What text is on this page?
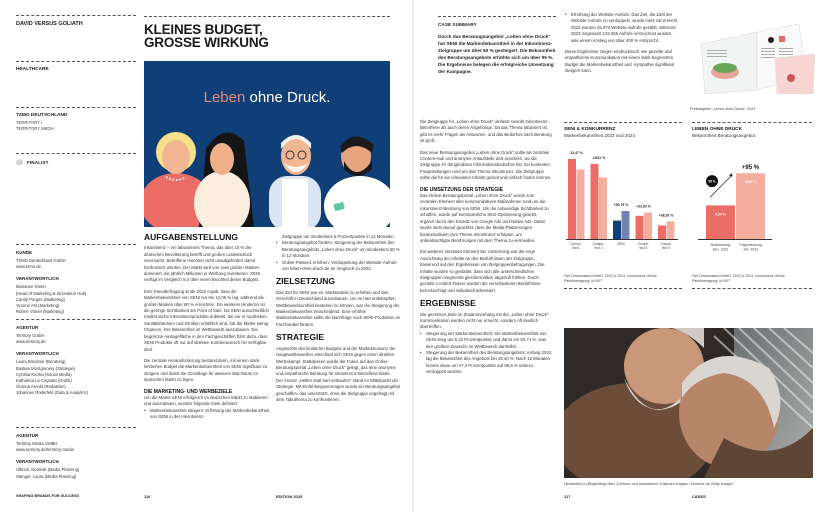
DAVID VERSUS GOLIATH
HEALTHCARE
TZMO DEUTSCHLAND
TERRITORY /
TERRITORY MEDIA
FINALIST
KUNDE
TZMO Deutschland GmbH
www.tzmo.de
VERANTWORTLICH
Marianne Ginter
(Head of Marketing & Innovation Hub)
Candy Porges (Marketing)
Yvonne Ast (Marketing)
Robert Vömel (Marketing)
AGENTUR
Territory GmbH
www.territory.de
VERANTWORTLICH
Laura Brückner (Beratung)
Bastian Montgomery (Strategie)
Cynthia Kiczka (Social Media)
Katharina La Cognata (Grafik)
Oranna Arnold (Redaktion)
Johannes Roderfeld (Data & Analytics)
AGENTUR
Territory Media GMBH
www.territory.de/territory-media
VERANTWORTLICH
Ulbrich, Dominik (Media Planning)
Stenger, Laura (Media Planning)
KLEINES BUDGET,
GROSSE WIRKUNG
Leben ohne Druck.
AUFGABENSTELLUNG

Inkontinenz – ein tabuisiertes Thema, das über 10 % der deutschen Bevölkerung betrifft und großen Leidensdruck verursacht. Betroffene möchten nicht unaufgefordert damit konfrontiert werden. Der Markt wird von zwei großen Marken dominiert, die jährlich Millionen in Werbung investieren. SENI verfügt im Vergleich nur über einen Bruchteil dieser Budgets.

Eine Panelbefragung Ende 2022 ergab, dass die Markenbekanntheit von SENI nur bei 12,06 % lag, während die großen Marken über 80 % erreichten. Ein weiteres Hindernis ist die geringe Sichtbarkeit am Point of Sale. Da SENI ausschließlich medizinische Inkontinenzprodukte anbietet, die nur in Apotheken, Sanitätshäusern und Kliniken erhältlich sind, hat die Marke wenig Chancen, ihre Bekanntheit im Wettbewerb auszubauen. Die begrenzte Auslagefläche in den Fachgeschäften führt dazu, dass SENI Produkte oft nur auf direkten Kundenwunsch hin verfügbar sind.

Die zentrale Herausforderung bestand darin, mit einem stark limitierten Budget die Markenbekanntheit von SENI signifikant zu steigern und damit die Grundlage für weiteres Wachstum im deutschen Markt zu legen.

DIE MARKETING- UND WERBEZIELE

Um die Marke SENI erfolgreich im deutschen Markt zu etablieren und auszubauen, wurden folgende Ziele definiert:

• Markenbekanntheit steigern: Erhöhung der Markenbekanntheit von SENI in der Inkontinenz-

Zielgruppe um mindestens 5 Prozentpunkte in 12 Monaten.

• Beratungsangebot fördern: Steigerung der Bekanntheit des Beratungsangebots „Leben ohne Druck“ um mindestens 50 % in 12 Monaten.
• Online-Präsenz erhöhen: Verdoppelung der Website-Aufrufe von leben-ohne-druck.de im Vergleich zu 2022.
ZIELSETZUNG

Das Ziel für SENI war es, Marktanteile zu erhöhen und das Geschäft in Deutschland auszubauen. Um im hart umkämpften Wettbewerbsumfeld bestehen zu können, war die Steigerung der Markenbekanntheit entscheidend. Eine erhöhte Markenbekanntheit sollte die Nachfrage nach SENI-Produkten im Fachhandel fördern.

STRATEGIE

Angesichts des limitierten Budgets und der Marktdominanz der Hauptwettbewerber entschied sich SENI gegen einen direkten Werbekampf. Stattdessen wurde der Fokus auf das Online-Beratungsportal „Leben ohne Druck“ gelegt, das eine anonyme und empathische Beratung für Inkontinenz-Betroffene bietet.

Der Ansatz „Helfen statt hart verkaufen“ stand im Mittelpunkt der Strategie. Mit Einfühlungsvermögen wurde ein Beratungsangebot geschaffen, das unterstützt, ohne die Zielgruppe ungefragt mit dem Tabuthema zu konfrontieren.

SHAPING BRANDS FOR SUCCESS	116	EDITION 2025
CASE SUMMARY
Durch das Beratungsangebot „Leben ohne Druck“ hat SENI die Markenbekanntheit in der Inkontinenz-Zielgruppe um über 50 % gesteigert. Die Bekanntheit des Beratungsangebots erhöhte sich um über 95 %. Die Ergebnisse belegen die erfolgreiche Umsetzung der Kampagne.
• Erhöhung der Website-Aufrufe: Das Ziel, die Zahl der Website-Aufrufe zu verdoppeln, wurde mehr als erreicht. 2022 wurden 25.973 Website-aufrufe gezählt, während 2023 insgesamt 133.065 Aufrufe verzeichnet wurden, was einem Anstieg von über 400 % entspricht.

Diese Ergebnisse zeigen eindrucksvoll, wie gezielte und empathische Kommunikation mit einem stark begrenzten Budget die Markenbekanntheit und -sympathie signifikant steigern kann.

Printratgeber „Leben ohne Druck“, 2024

Die Zielgruppe für „Leben ohne Druck“ umfasst sowohl Inkontinenz-Betroffene als auch deren Angehörige. Da das Thema tabuisiert ist, gibt es mehr Fragen als Antworten, und das Bedürfnis nach Beratung ist groß.

Das neue Beratungsangebot „Leben ohne Druck“ sollte als zentraler Content-Hub und anonyme Anlaufstelle dort ansetzen, wo die Zielgruppe ihr dringendstes Informationsbedürfnis hat: bei konkreten Fragestellungen rund um das Thema Inkontinenz. Die Zielgruppe sollte die für sie relevanten Inhalte gezielt und einfach finden können.

DIE UMSETZUNG DER STRATEGIE

Das Online-Beratungsportal „Leben ohne Druck“ wurde zum zentralen Element aller kommunikativen Maßnahmen rund um die Inkontinenz-Beratung von SENI. Um die notwendige Sichtbarkeit zu schaffen, wurde auf kontinuierliche SEO-Optimierung gesetzt, ergänzt durch den Einsatz von Google Ads und Native Ads. Dabei wurde stets darauf geachtet, dass die Media-Platzierungen kontextualisiert zum Thema Inkontinenz erfolgten, um unbeabsichtigte Berührungen mit dem Thema zu vermeiden.

Ein weiteres zentrales Element der Umsetzung war die enge Ausrichtung der Inhalte an den Bedürfnissen der Zielgruppe, basierend auf den Ergebnissen von Zielgruppenbefragungen. Die Inhalte wurden so gestaltet, dass sich alle unterschiedlichen Zielgruppen-Segmente gleichermaßen abgeholt fühlten. Durch gezielte Content-Teaser wurden die verschiedenen Bedürfnisse berücksichtigt und individuell adressiert.

ERGEBNISSE

Die gesetzten Ziele im Zusammenhang mit der „Leben ohne Druck“-Kommunikation wurden nicht nur erreicht, sondern oft deutlich übertroffen.

• Steigerung der Markenbekanntheit: Die Markenbekanntheit von SENI stieg um 6,12 Prozentpunkte und damit um 50,74 %, was den größten Zuwachs im Wettbewerb darstellte.
• Steigerung der Bekanntheit des Beratungsangebots: Anfang 2022 lag die Bekanntheit des Angebots bei 49,40 %. Nach 12 Monaten konnte diese um 47,4 Prozentpunkte auf 96,8 % nahezu verdoppelt werden.
SENI & KONKURRENZ
Markenbekanntheit 2022 und 2024
-13,47 %
Compe-
titor1
-18,51 %
Compe-
titor 2
+50,75 %
SENI
+22,63 %
Compe-
titor 4
+38,39 %
Compe-
titor 5
Cint Deutschland GmbH, 2022 & 2024, Inkontinenz Online Panelbefragung, N=507
LEBEN OHNE DRUCK
Bekanntheit Beratungsangebot
4,94 %
Nullmessung
Dez. 2022
9,68 %
Folgemessung
Jan. 2024
+95 %
95 %
Cint Deutschland GmbH, 2022 & 2024, Inkontinenz Online Panelbefragung, N=507
Headerbild zu Blogbeitrag über „Demenz und Inkontinenz“ Kaltpoint Images / Moment via Getty Images
117	CASES
